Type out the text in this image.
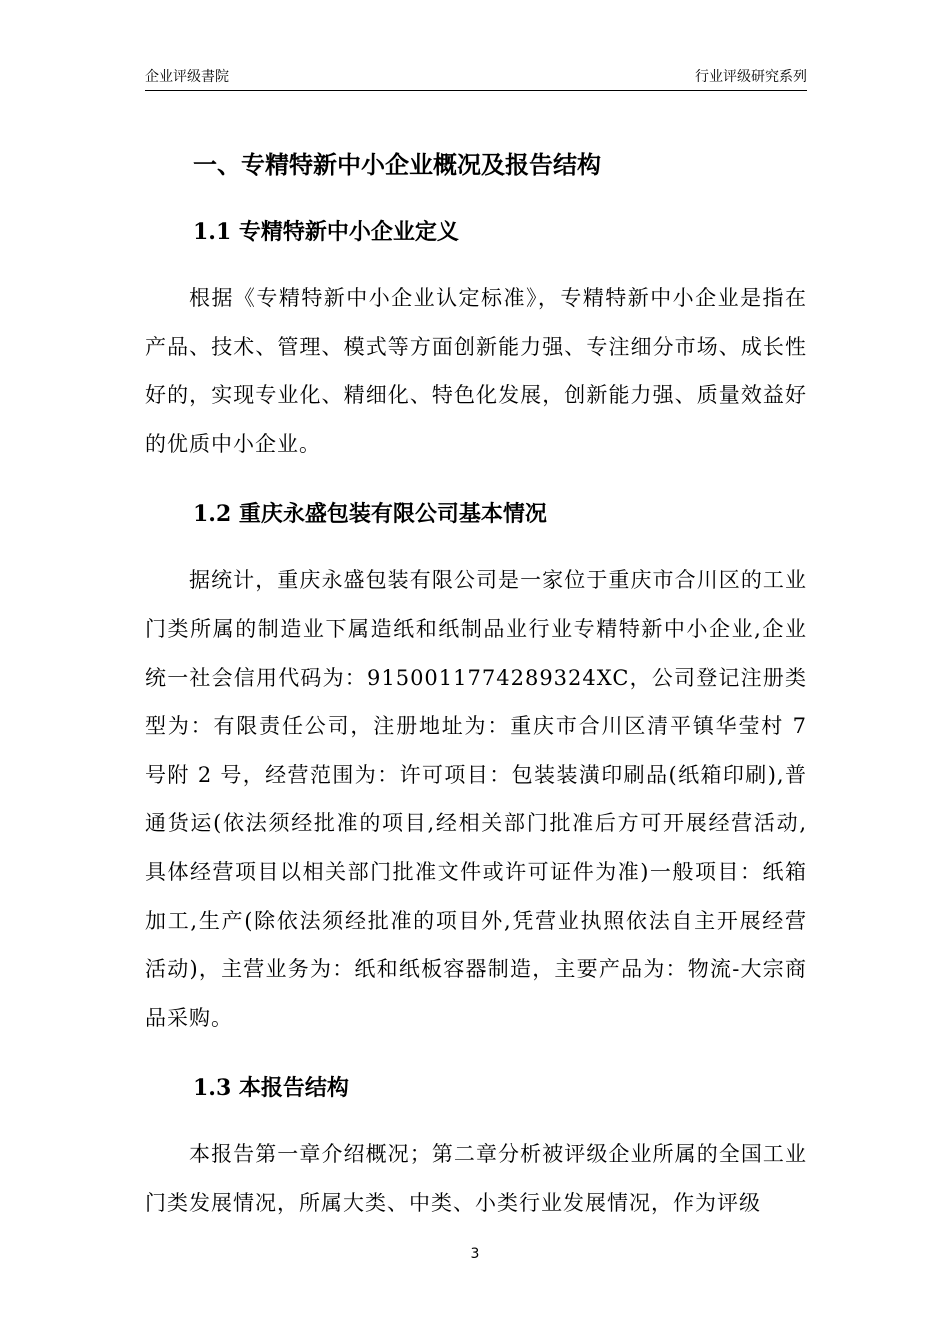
企业评级書院	行业评级研究系列
一、专精特新中小企业概况及报告结构
1.1 专精特新中小企业定义

根据《专精特新中小企业认定标准》，专精特新中小企业是指在产品、技术、管理、模式等方面创新能力强、专注细分市场、成长性好的，实现专业化、精细化、特色化发展，创新能力强、质量效益好的优质中小企业。

1.2 重庆永盛包装有限公司基本情况

据统计，重庆永盛包装有限公司是一家位于重庆市合川区的工业门类所属的制造业下属造纸和纸制品业行业专精特新中小企业,企业统一社会信用代码为：9150011774289324XC，公司登记注册类型为：有限责任公司，注册地址为：重庆市合川区清平镇华莹村 7 号附 2 号，经营范围为：许可项目：包装装潢印刷品(纸箱印刷),普通货运(依法须经批准的项目,经相关部门批准后方可开展经营活动,具体经营项目以相关部门批准文件或许可证件为准)一般项目：纸箱加工,生产(除依法须经批准的项目外,凭营业执照依法自主开展经营活动)，主营业务为：纸和纸板容器制造，主要产品为：物流-大宗商品采购。

1.3 本报告结构

本报告第一章介绍概况；第二章分析被评级企业所属的全国工业门类发展情况，所属大类、中类、小类行业发展情况，作为评级

3
